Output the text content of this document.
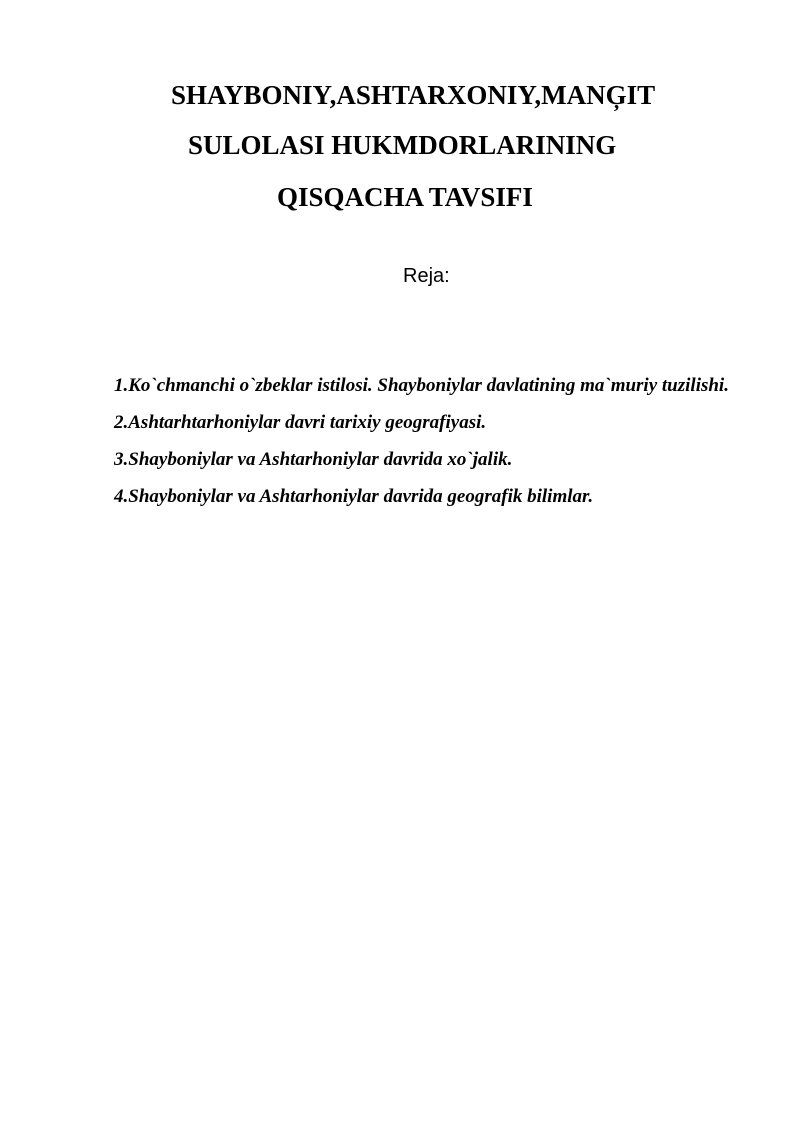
SHAYBONIY,ASHTARXONIY,MANĢIT
SULOLASI HUKMDORLARINING
QISQACHA TAVSIFI

Reja:

1.Ko`chmanchi o`zbeklar istilosi. Shayboniylar davlatining ma`muriy tuzilishi.
2.Ashtarhtarhoniylar davri tarixiy geografiyasi.
3.Shayboniylar va Ashtarhoniylar davrida xo`jalik.
4.Shayboniylar va Ashtarhoniylar davrida geografik bilimlar.
